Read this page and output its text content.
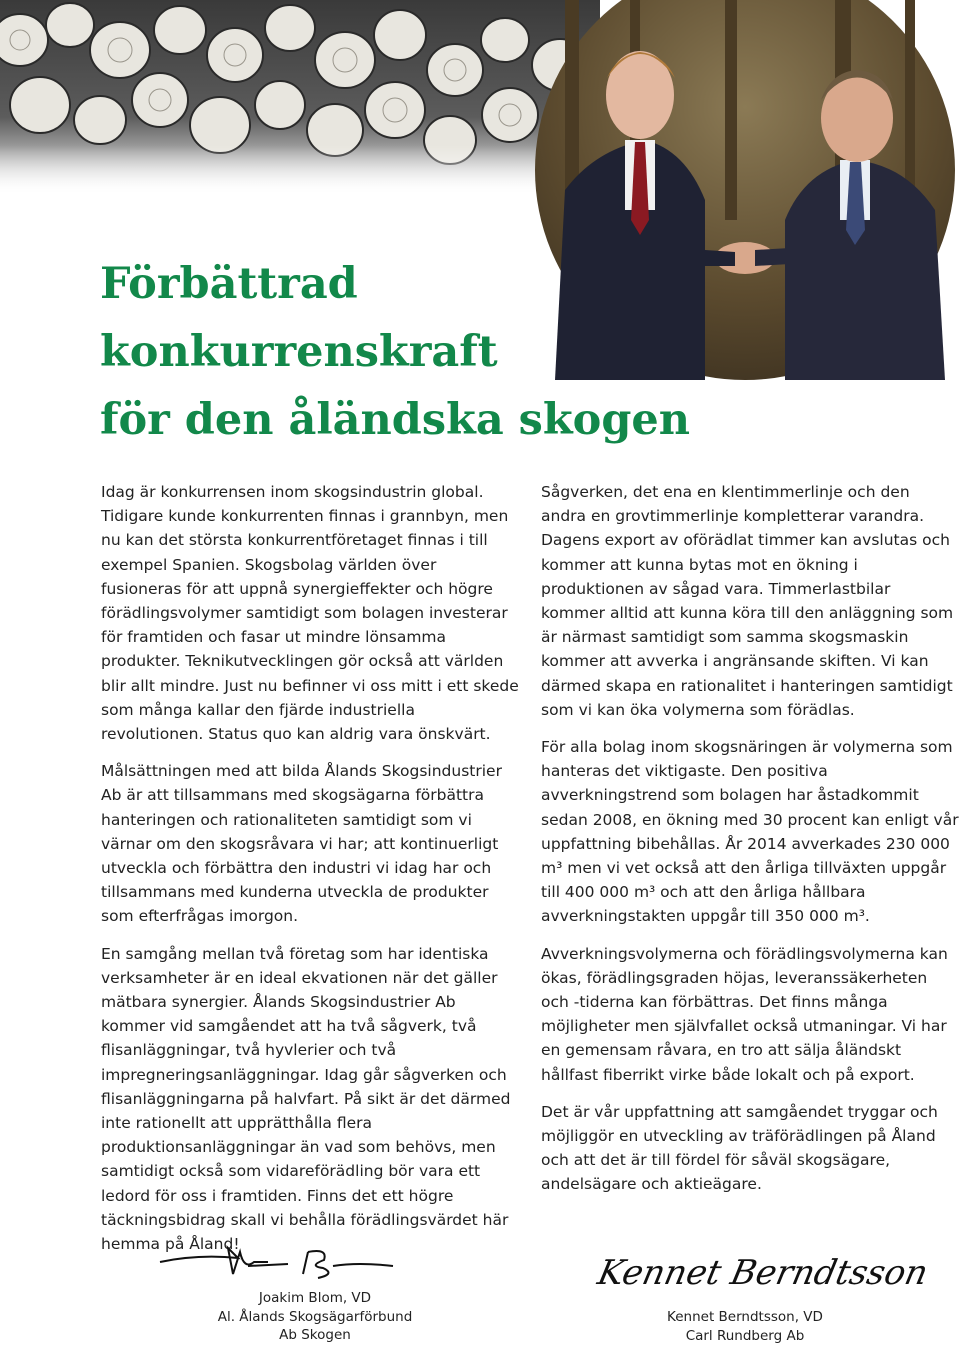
Förbättrad
konkurrenskraft
för den åländska skogen

Idag är konkurrensen inom skogsindustrin global. Tidigare kunde konkurrenten finnas i grannbyn, men nu kan det största konkurrentföretaget finnas i till exempel Spanien. Skogsbolag världen över fusioneras för att uppnå synergieffekter och högre förädlingsvolymer samtidigt som bolagen investerar för framtiden och fasar ut mindre lönsamma produkter. Teknikutvecklingen gör också att världen blir allt mindre. Just nu befinner vi oss mitt i ett skede som många kallar den fjärde industriella revolutionen. Status quo kan aldrig vara önskvärt.

Målsättningen med att bilda Ålands Skogsindustrier Ab är att tillsammans med skogsägarna förbättra hanteringen och rationaliteten samtidigt som vi värnar om den skogsråvara vi har; att kontinuerligt utveckla och förbättra den industri vi idag har och tillsammans med kunderna utveckla de produkter som efterfrågas imorgon.

En samgång mellan två företag som har identiska verksamheter är en ideal ekvationen när det gäller mätbara synergier. Ålands Skogsindustrier Ab kommer vid samgåendet att ha två sågverk, två flisanläggningar, två hyvlerier och två impregneringsanläggningar. Idag går sågverken och flisanläggningarna på halvfart. På sikt är det därmed inte rationellt att upprätthålla flera produktionsanläggningar än vad som behövs, men samtidigt också som vidareförädling bör vara ett ledord för oss i framtiden. Finns det ett högre täckningsbidrag skall vi behålla förädlingsvärdet här hemma på Åland!

Sågverken, det ena en klentimmerlinje och den andra en grovtimmerlinje kompletterar varandra. Dagens export av oförädlat timmer kan avslutas och kommer att kunna bytas mot en ökning i produktionen av sågad vara. Timmerlastbilar kommer alltid att kunna köra till den anläggning som är närmast samtidigt som samma skogsmaskin kommer att avverka i angränsande skiften. Vi kan därmed skapa en rationalitet i hanteringen samtidigt som vi kan öka volymerna som förädlas.

För alla bolag inom skogsnäringen är volymerna som hanteras det viktigaste. Den positiva avverkningstrend som bolagen har åstadkommit sedan 2008, en ökning med 30 procent kan enligt vår uppfattning bibehållas. År 2014 avverkades 230 000 m³ men vi vet också att den årliga tillväxten uppgår till 400 000 m³ och att den årliga hållbara avverkningstakten uppgår till 350 000 m³.

Avverkningsvolymerna och förädlingsvolymerna kan ökas, förädlingsgraden höjas, leveranssäkerheten och -tiderna kan förbättras. Det finns många möjligheter men självfallet också utmaningar. Vi har en gemensam råvara, en tro att sälja åländskt hållfast fiberrikt virke både lokalt och på export.

Det är vår uppfattning att samgåendet tryggar och möjliggör en utveckling av träförädlingen på Åland och att det är till fördel för såväl skogsägare, andelsägare och aktieägare.

Joakim Blom, VD
Al. Ålands Skogsägarförbund
Ab Skogen
Kennet Berndtsson
Kennet Berndtsson, VD
Carl Rundberg Ab
